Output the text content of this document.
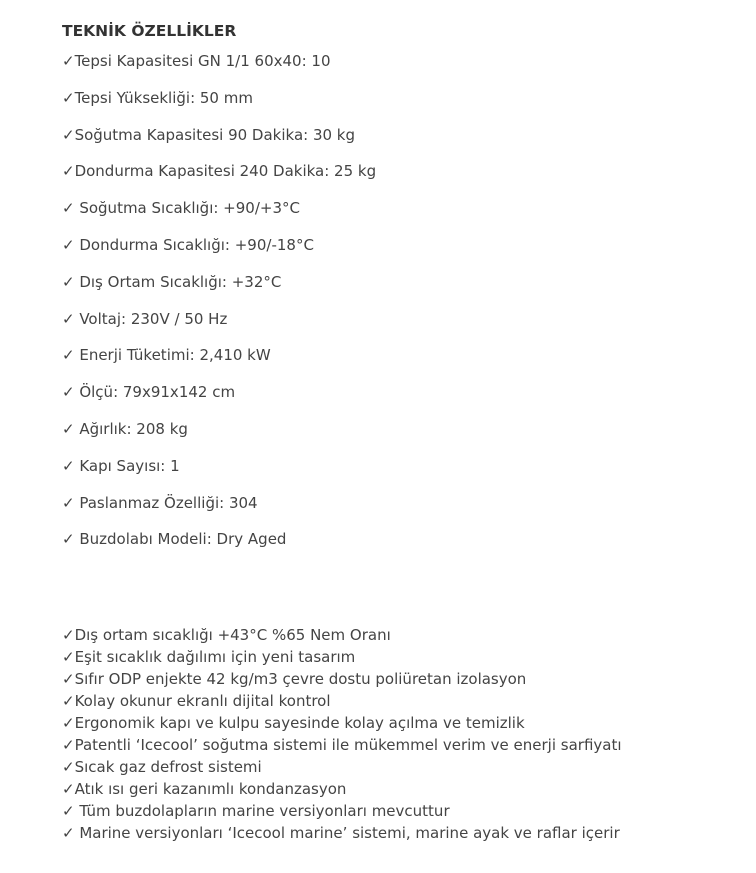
TEKNİK ÖZELLİKLER
✓Tepsi Kapasitesi GN 1/1 60x40: 10
✓Tepsi Yüksekliği: 50 mm
✓Soğutma Kapasitesi 90 Dakika: 30 kg
✓Dondurma Kapasitesi 240 Dakika: 25 kg
✓ Soğutma Sıcaklığı: +90/+3°C
✓ Dondurma Sıcaklığı: +90/-18°C
✓ Dış Ortam Sıcaklığı: +32°C
✓ Voltaj: 230V / 50 Hz
✓ Enerji Tüketimi: 2,410 kW
✓ Ölçü: 79x91x142 cm
✓ Ağırlık: 208 kg
✓ Kapı Sayısı: 1
✓ Paslanmaz Özelliği: 304
✓ Buzdolabı Modeli: Dry Aged
✓Dış ortam sıcaklığı +43°C %65 Nem Oranı
✓Eşit sıcaklık dağılımı için yeni tasarım
✓Sıfır ODP enjekte 42 kg/m3 çevre dostu poliüretan izolasyon
✓Kolay okunur ekranlı dijital kontrol
✓Ergonomik kapı ve kulpu sayesinde kolay açılma ve temizlik
✓Patentli ‘Icecool’ soğutma sistemi ile mükemmel verim ve enerji sarfiyatı
✓Sıcak gaz defrost sistemi
✓Atık ısı geri kazanımlı kondanzasyon
✓ Tüm buzdolapların marine versiyonları mevcuttur
✓ Marine versiyonları ‘Icecool marine’ sistemi, marine ayak ve raflar içerir
